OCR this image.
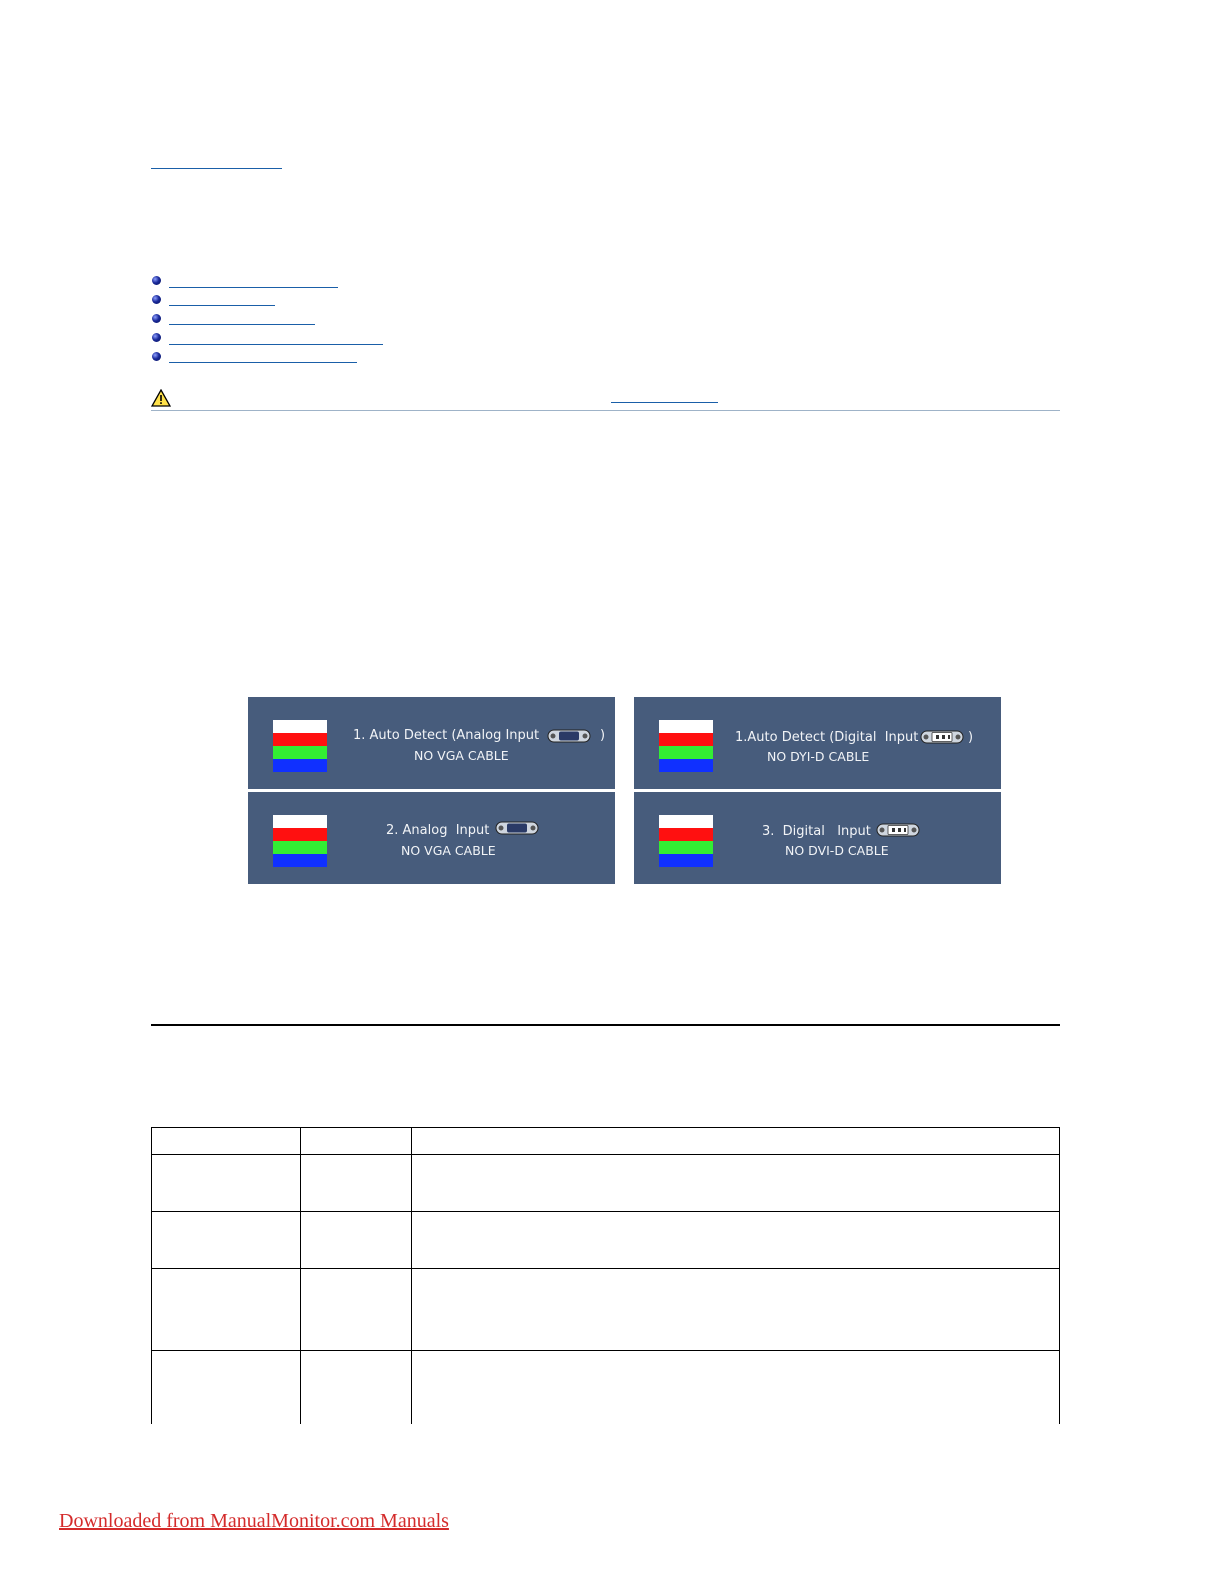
1. Auto Detect (Analog Input	)
NO VGA CABLE
1.Auto Detect (Digital  Input	)
NO DYI-D CABLE
2. Analog  Input
NO VGA CABLE
3.  Digital   Input
NO DVI-D CABLE

Downloaded from ManualMonitor.com Manuals
